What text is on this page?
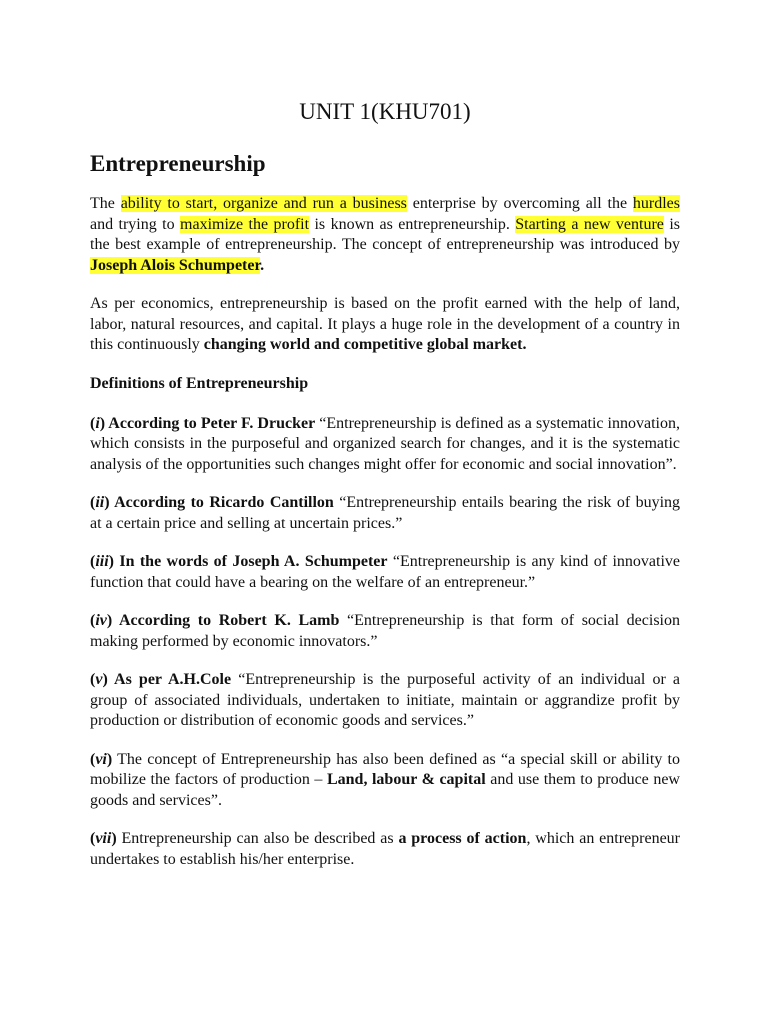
UNIT 1(KHU701)
Entrepreneurship

The ability to start, organize and run a business enterprise by overcoming all the hurdles and trying to maximize the profit is known as entrepreneurship. Starting a new venture is the best example of entrepreneurship. The concept of entrepreneurship was introduced by Joseph Alois Schumpeter.

As per economics, entrepreneurship is based on the profit earned with the help of land, labor, natural resources, and capital. It plays a huge role in the development of a country in this continuously changing world and competitive global market.

Definitions of Entrepreneurship

(i) According to Peter F. Drucker “Entrepreneurship is defined as a systematic innovation, which consists in the purposeful and organized search for changes, and it is the systematic analysis of the opportunities such changes might offer for economic and social innovation”.

(ii) According to Ricardo Cantillon “Entrepreneurship entails bearing the risk of buying at a certain price and selling at uncertain prices.”

(iii) In the words of Joseph A. Schumpeter “Entrepreneurship is any kind of innovative function that could have a bearing on the welfare of an entrepreneur.”

(iv) According to Robert K. Lamb “Entrepreneurship is that form of social decision making performed by economic innovators.”

(v) As per A.H.Cole “Entrepreneurship is the purposeful activity of an individual or a group of associated individuals, undertaken to initiate, maintain or aggrandize profit by production or distribution of economic goods and services.”

(vi) The concept of Entrepreneurship has also been defined as “a special skill or ability to mobilize the factors of production – Land, labour & capital and use them to produce new goods and services”.

(vii) Entrepreneurship can also be described as a process of action, which an entrepreneur undertakes to establish his/her enterprise.
